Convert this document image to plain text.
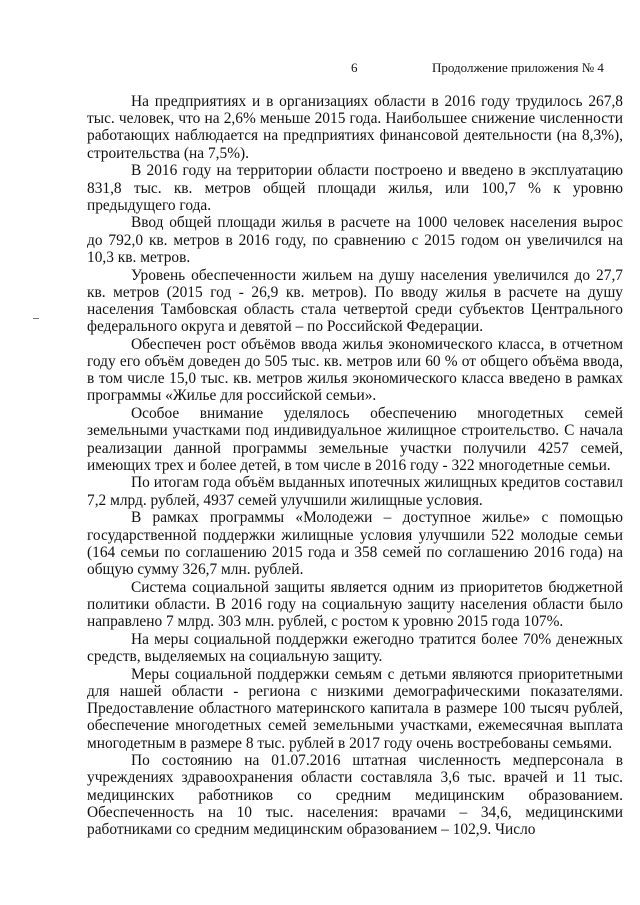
6	Продолжение приложения № 4

На предприятиях и в организациях области в 2016 году трудилось 267,8 тыс. человек, что на 2,6% меньше 2015 года. Наибольшее снижение численности работающих наблюдается на предприятиях финансовой деятельности (на 8,3%), строительства (на 7,5%).

В 2016 году на территории области построено и введено в эксплуатацию 831,8 тыс. кв. метров общей площади жилья, или 100,7 % к уровню предыдущего года.

Ввод общей площади жилья в расчете на 1000 человек населения вырос до 792,0 кв. метров в 2016 году, по сравнению с 2015 годом он увеличился на 10,3 кв. метров.

Уровень обеспеченности жильем на душу населения увеличился до 27,7 кв. метров (2015 год - 26,9 кв. метров). По вводу жилья в расчете на душу населения Тамбовская область стала четвертой среди субъектов Центрального федерального округа и девятой – по Российской Федерации.

Обеспечен рост объёмов ввода жилья экономического класса, в отчетном году его объём доведен до 505 тыс. кв. метров или 60 % от общего объёма ввода, в том числе 15,0 тыс. кв. метров жилья экономического класса введено в рамках программы «Жилье для российской семьи».

Особое внимание уделялось обеспечению многодетных семей земельными участками под индивидуальное жилищное строительство. С начала реализации данной программы земельные участки получили 4257 семей, имеющих трех и более детей, в том числе в 2016 году - 322 многодетные семьи.

По итогам года объём выданных ипотечных жилищных кредитов составил 7,2 млрд. рублей, 4937 семей улучшили жилищные условия.

В рамках программы «Молодежи – доступное жилье» с помощью государственной поддержки жилищные условия улучшили 522 молодые семьи (164 семьи по соглашению 2015 года и 358 семей по соглашению 2016 года) на общую сумму 326,7 млн. рублей.

Система социальной защиты является одним из приоритетов бюджетной политики области. В 2016 году на социальную защиту населения области было направлено 7 млрд. 303 млн. рублей, с ростом к уровню 2015 года 107%.

На меры социальной поддержки ежегодно тратится более 70% денежных средств, выделяемых на социальную защиту.

Меры социальной поддержки семьям с детьми являются приоритетными для нашей области - региона с низкими демографическими показателями. Предоставление областного материнского капитала в размере 100 тысяч рублей, обеспечение многодетных семей земельными участками, ежемесячная выплата многодетным в размере 8 тыс. рублей в 2017 году очень востребованы семьями.

По состоянию на 01.07.2016 штатная численность медперсонала в учреждениях здравоохранения области составляла 3,6 тыс. врачей и 11 тыс. медицинских работников со средним медицинским образованием. Обеспеченность на 10 тыс. населения: врачами – 34,6, медицинскими работниками со средним медицинским образованием – 102,9. Число
